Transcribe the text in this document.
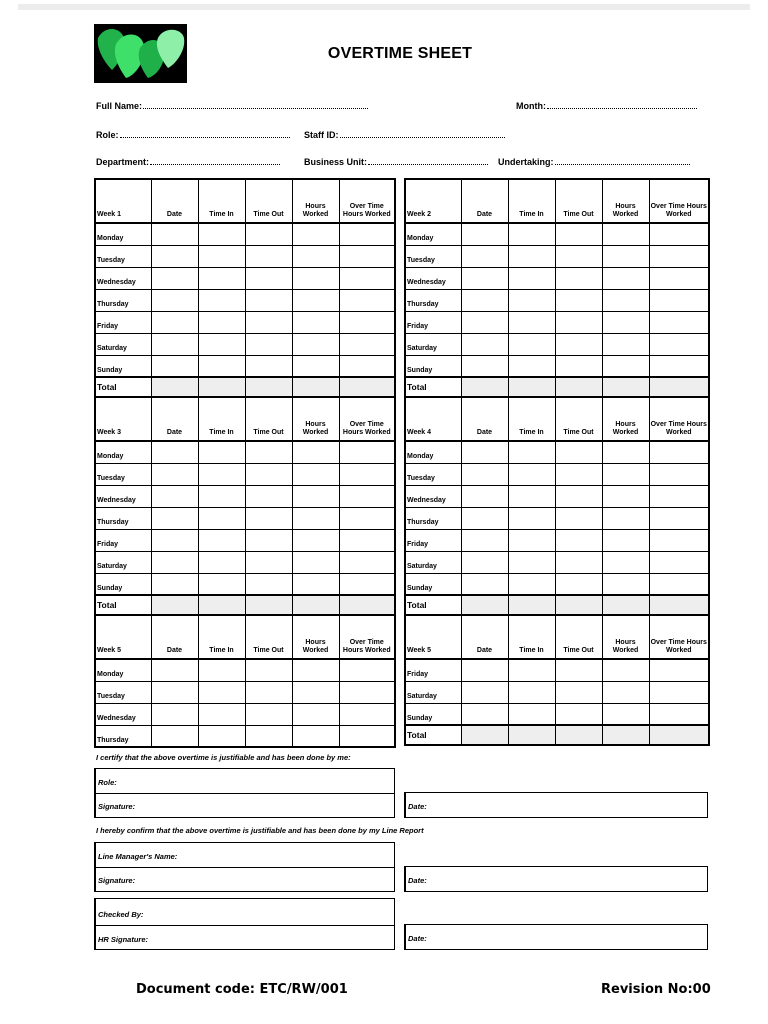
OVERTIME SHEET
Full Name:	Month:
Role:	Staff ID:
Department:	Business Unit:	Undertaking:
Week 1	Date	Time In	Time Out	Hours Worked	Over Time Hours Worked
Monday					
Tuesday					
Wednesday					
Thursday					
Friday					
Saturday					
Sunday					
Total					
Week 2	Date	Time In	Time Out	Hours Worked	Over Time Hours Worked
Monday					
Tuesday					
Wednesday					
Thursday					
Friday					
Saturday					
Sunday					
Total					
Week 3	Date	Time In	Time Out	Hours Worked	Over Time Hours Worked
Monday					
Tuesday					
Wednesday					
Thursday					
Friday					
Saturday					
Sunday					
Total					
Week 4	Date	Time In	Time Out	Hours Worked	Over Time Hours Worked
Monday					
Tuesday					
Wednesday					
Thursday					
Friday					
Saturday					
Sunday					
Total					
Week 5	Date	Time In	Time Out	Hours Worked	Over Time Hours Worked
Monday					
Tuesday					
Wednesday					
Thursday					
Week 5	Date	Time In	Time Out	Hours Worked	Over Time Hours Worked
Friday					
Saturday					
Sunday					
Total					
I certify that the above overtime is justifiable and has been done by me:
Role:
Signature:	Date:
I hereby confirm that the above overtime is justifiable and has been done by my Line Report
Line Manager's Name:
Signature:	Date:
Checked By:
HR Signature:	Date:
Document code: ETC/RW/001	Revision No:00
